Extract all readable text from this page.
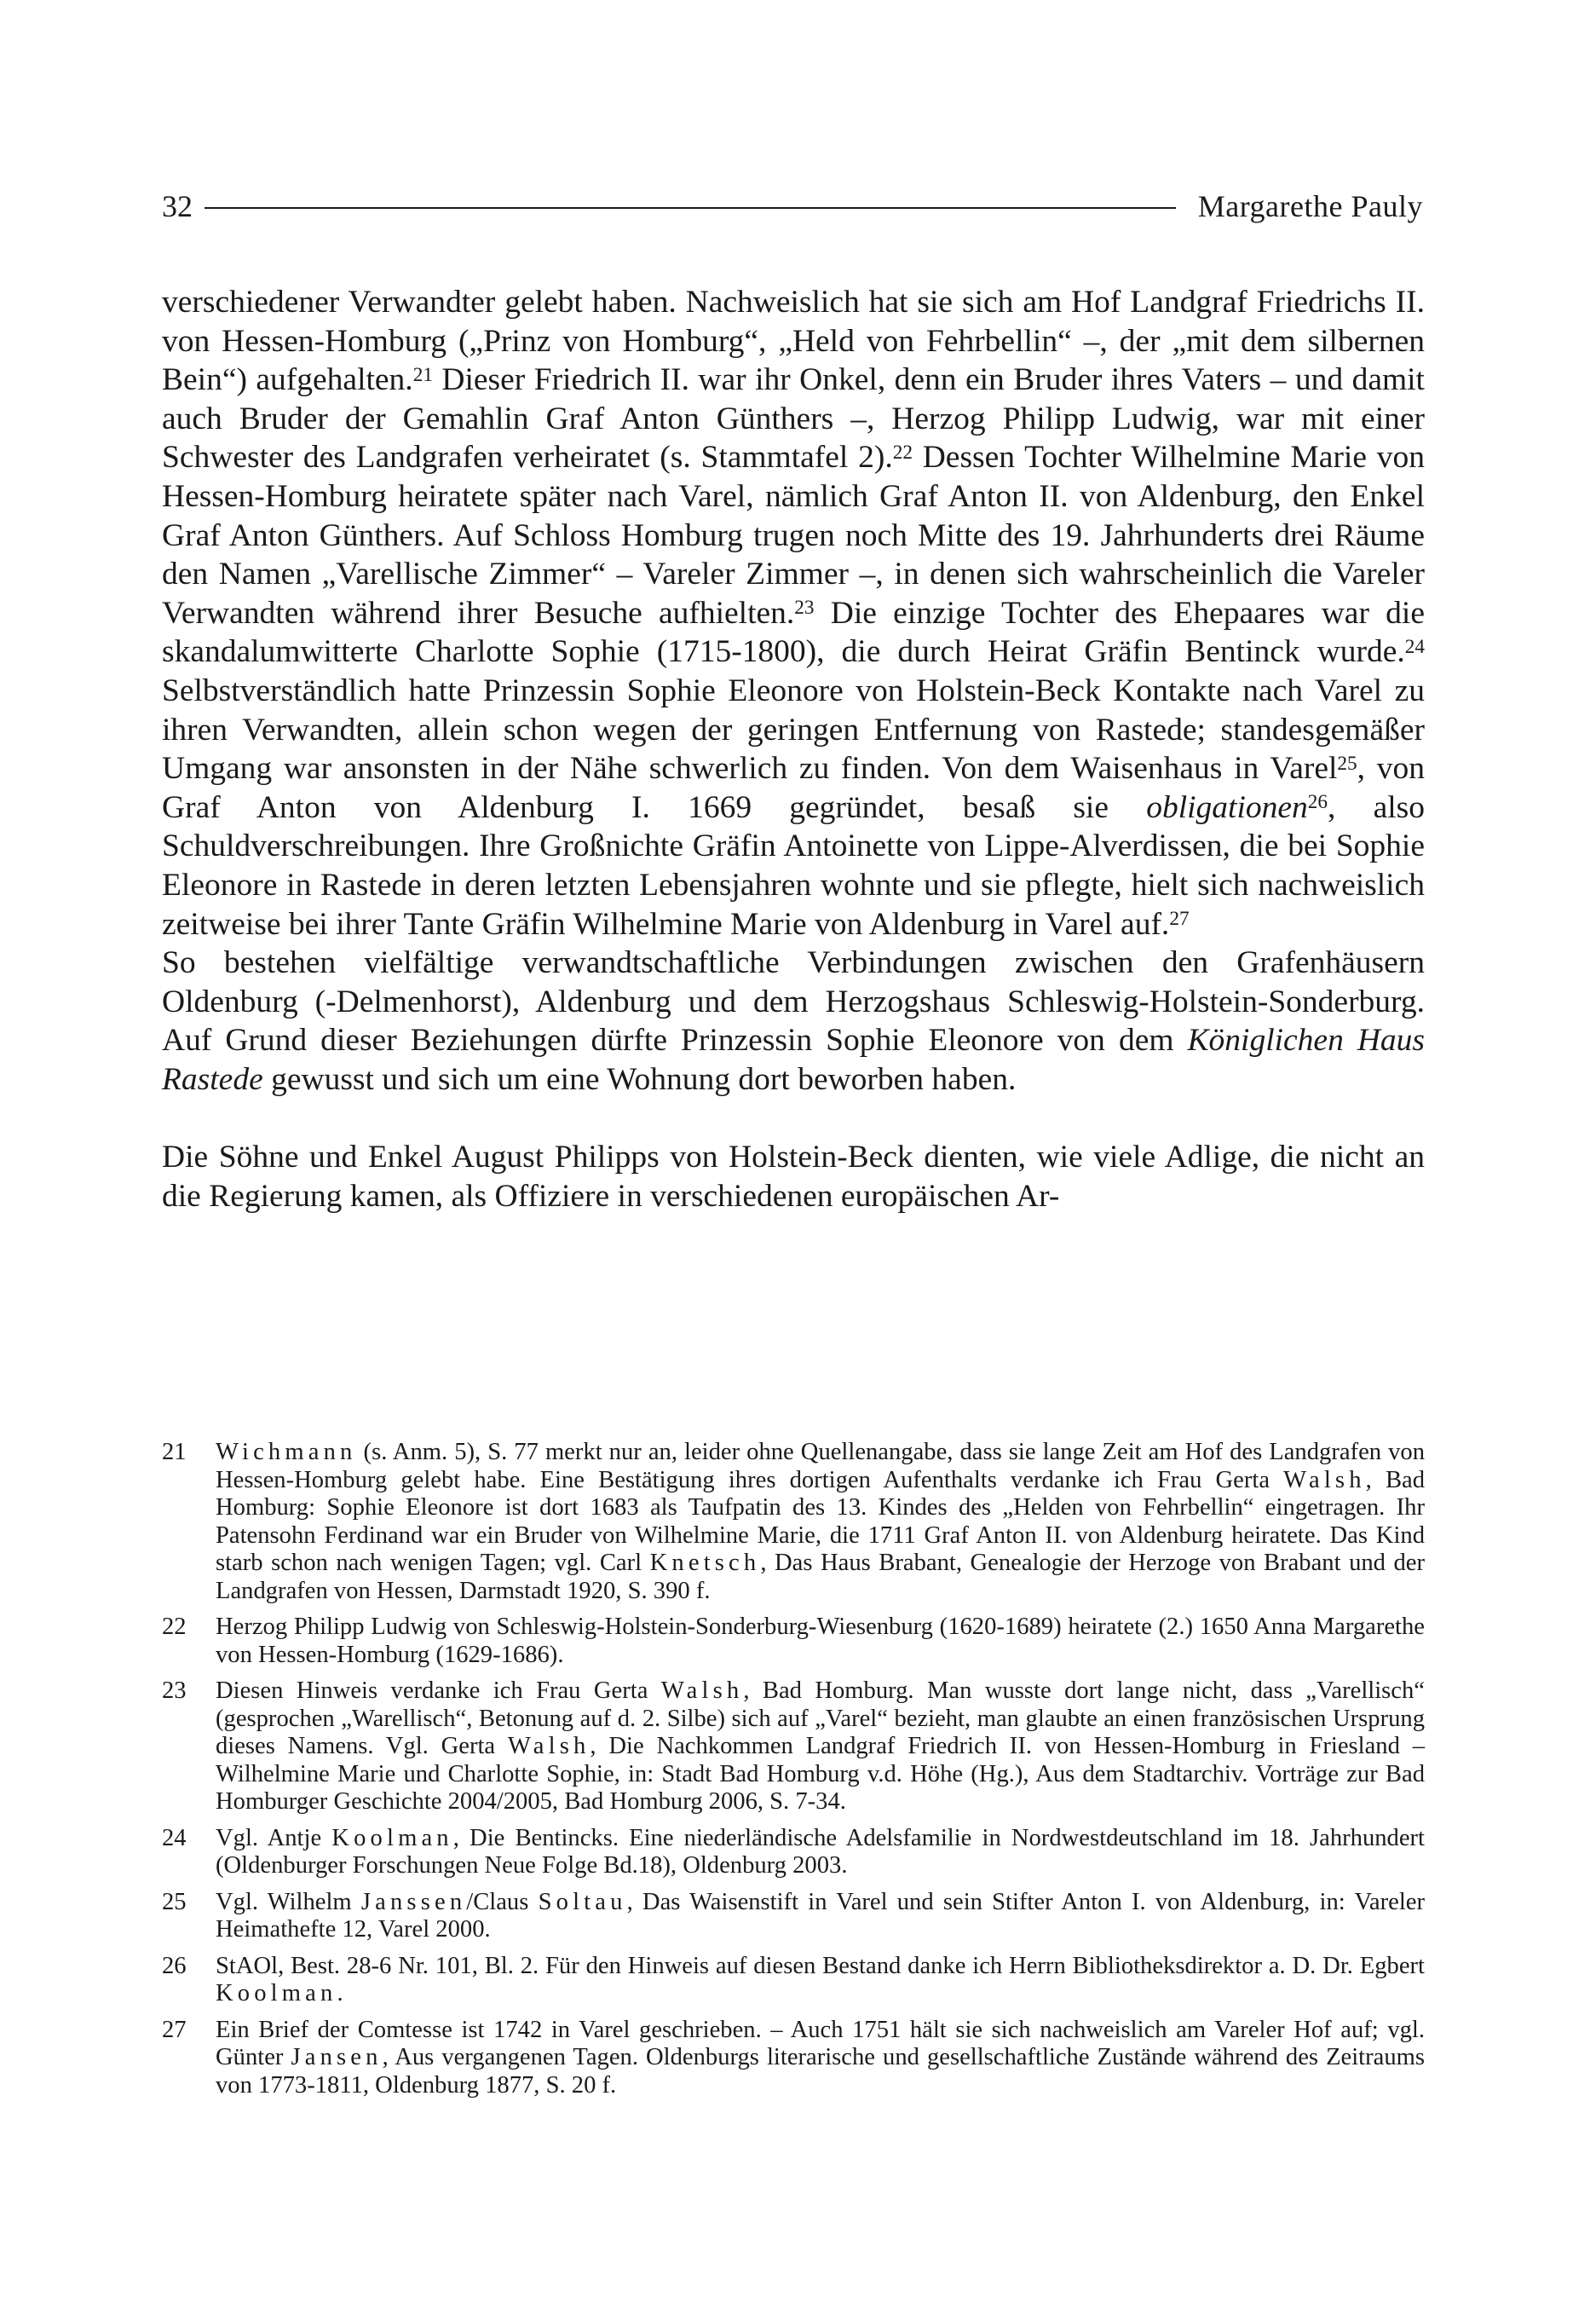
32	Margarethe Pauly

verschiedener Verwandter gelebt haben. Nachweislich hat sie sich am Hof Landgraf Friedrichs II. von Hessen-Homburg („Prinz von Homburg“, „Held von Fehrbellin“ –, der „mit dem silbernen Bein“) aufgehalten.$^{21}$ Dieser Friedrich II. war ihr Onkel, denn ein Bruder ihres Vaters – und damit auch Bruder der Gemahlin Graf Anton Günthers –, Herzog Philipp Ludwig, war mit einer Schwester des Landgrafen verheiratet (s. Stammtafel 2).$^{22}$ Dessen Tochter Wilhelmine Marie von Hessen-Homburg heiratete später nach Varel, nämlich Graf Anton II. von Aldenburg, den Enkel Graf Anton Günthers. Auf Schloss Homburg trugen noch Mitte des 19. Jahrhunderts drei Räume den Namen „Varellische Zimmer“ – Vareler Zimmer –, in denen sich wahrscheinlich die Vareler Verwandten während ihrer Besuche aufhielten.$^{23}$ Die einzige Tochter des Ehepaares war die skandalumwitterte Charlotte Sophie (1715-1800), die durch Heirat Gräfin Bentinck wurde.$^{24}$ Selbstverständlich hatte Prinzessin Sophie Eleonore von Holstein-Beck Kontakte nach Varel zu ihren Verwandten, allein schon wegen der geringen Entfernung von Rastede; standesgemäßer Umgang war ansonsten in der Nähe schwerlich zu finden. Von dem Waisenhaus in Varel$^{25}$, von Graf Anton von Aldenburg I. 1669 gegründet, besaß sie obligationen$^{26}$, also Schuldverschreibungen. Ihre Großnichte Gräfin Antoinette von Lippe-Alverdissen, die bei Sophie Eleonore in Rastede in deren letzten Lebensjahren wohnte und sie pflegte, hielt sich nachweislich zeitweise bei ihrer Tante Gräfin Wilhelmine Marie von Aldenburg in Varel auf.$^{27}$

So bestehen vielfältige verwandtschaftliche Verbindungen zwischen den Grafenhäusern Oldenburg (-Delmenhorst), Aldenburg und dem Herzogshaus Schleswig-Holstein-Sonderburg. Auf Grund dieser Beziehungen dürfte Prinzessin Sophie Eleonore von dem Königlichen Haus Rastede gewusst und sich um eine Wohnung dort beworben haben.

Die Söhne und Enkel August Philipps von Holstein-Beck dienten, wie viele Adlige, die nicht an die Regierung kamen, als Offiziere in verschiedenen europäischen Ar-

21	Wichmann (s. Anm. 5), S. 77 merkt nur an, leider ohne Quellenangabe, dass sie lange Zeit am Hof des Landgrafen von Hessen-Homburg gelebt habe. Eine Bestätigung ihres dortigen Aufenthalts verdanke ich Frau Gerta Walsh, Bad Homburg: Sophie Eleonore ist dort 1683 als Taufpatin des 13. Kindes des „Helden von Fehrbellin“ eingetragen. Ihr Patensohn Ferdinand war ein Bruder von Wilhelmine Marie, die 1711 Graf Anton II. von Aldenburg heiratete. Das Kind starb schon nach wenigen Tagen; vgl. Carl Knetsch, Das Haus Brabant, Genealogie der Herzoge von Brabant und der Landgrafen von Hessen, Darmstadt 1920, S. 390 f.
22	Herzog Philipp Ludwig von Schleswig-Holstein-Sonderburg-Wiesenburg (1620-1689) heiratete (2.) 1650 Anna Margarethe von Hessen-Homburg (1629-1686).
23	Diesen Hinweis verdanke ich Frau Gerta Walsh, Bad Homburg. Man wusste dort lange nicht, dass „Varellisch“ (gesprochen „Warellisch“, Betonung auf d. 2. Silbe) sich auf „Varel“ bezieht, man glaubte an einen französischen Ursprung dieses Namens. Vgl. Gerta Walsh, Die Nachkommen Landgraf Friedrich II. von Hessen-Homburg in Friesland – Wilhelmine Marie und Charlotte Sophie, in: Stadt Bad Homburg v.d. Höhe (Hg.), Aus dem Stadtarchiv. Vorträge zur Bad Homburger Geschichte 2004/2005, Bad Homburg 2006, S. 7-34.
24	Vgl. Antje Koolman, Die Bentincks. Eine niederländische Adelsfamilie in Nordwestdeutschland im 18. Jahrhundert (Oldenburger Forschungen Neue Folge Bd.18), Oldenburg 2003.
25	Vgl. Wilhelm Janssen/Claus Soltau, Das Waisenstift in Varel und sein Stifter Anton I. von Aldenburg, in: Vareler Heimathefte 12, Varel 2000.
26	StAOl, Best. 28-6 Nr. 101, Bl. 2. Für den Hinweis auf diesen Bestand danke ich Herrn Bibliotheksdirektor a. D. Dr. Egbert Koolman.
27	Ein Brief der Comtesse ist 1742 in Varel geschrieben. – Auch 1751 hält sie sich nachweislich am Vareler Hof auf; vgl. Günter Jansen, Aus vergangenen Tagen. Oldenburgs literarische und gesellschaftliche Zustände während des Zeitraums von 1773-1811, Oldenburg 1877, S. 20 f.
